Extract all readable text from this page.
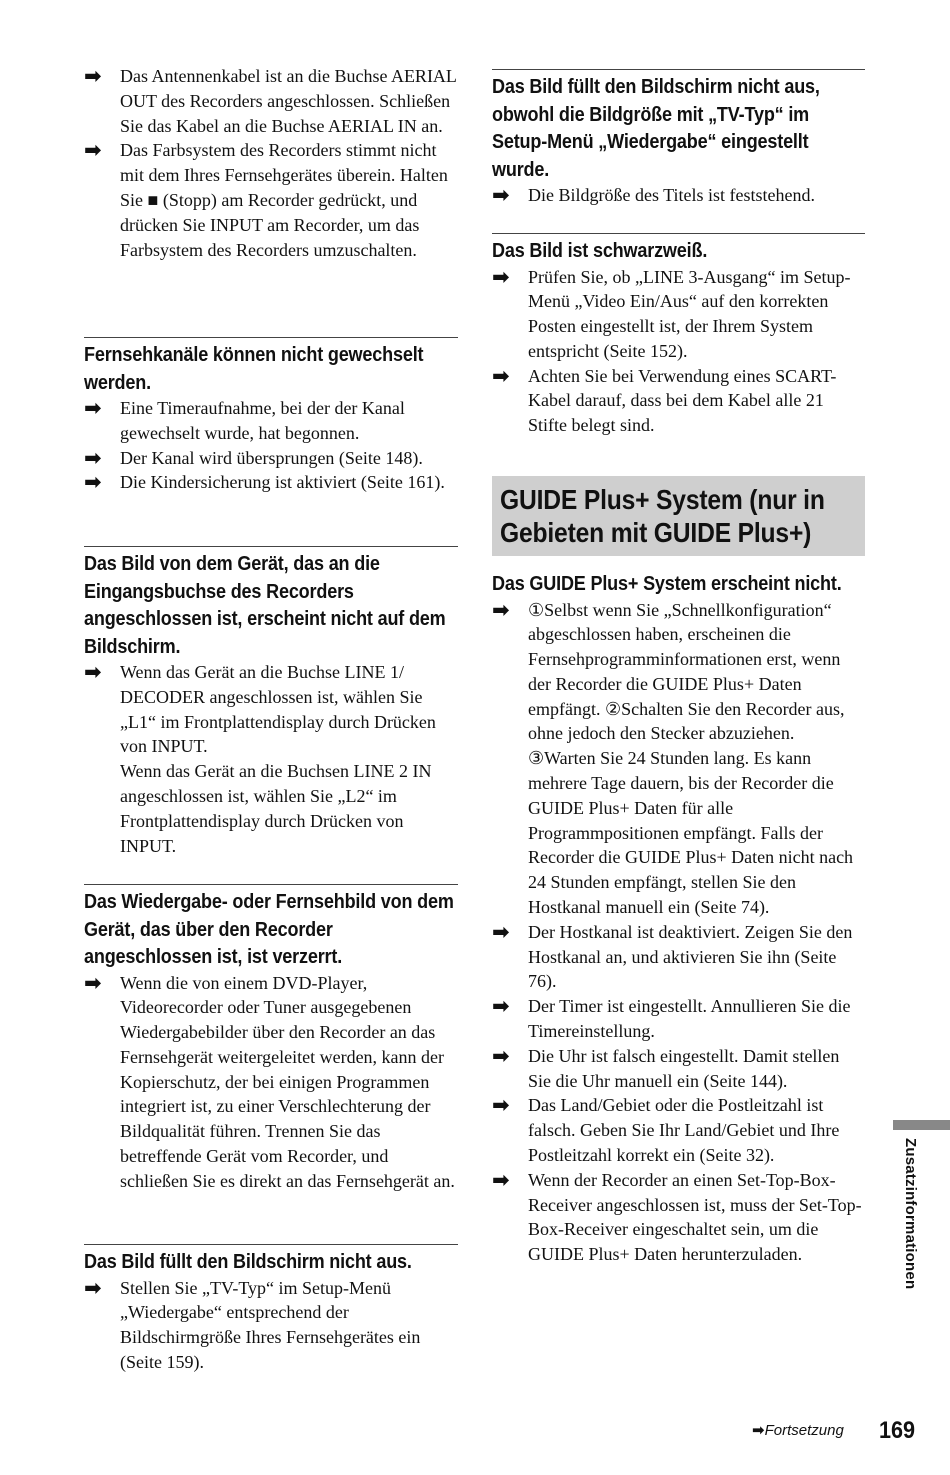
➡ Das Antennenkabel ist an die Buchse AERIAL OUT des Recorders angeschlossen. Schließen Sie das Kabel an die Buchse AERIAL IN an.
➡ Das Farbsystem des Recorders stimmt nicht mit dem Ihres Fernsehgerätes überein. Halten Sie ■ (Stopp) am Recorder gedrückt, und drücken Sie INPUT am Recorder, um das Farbsystem des Recorders umzuschalten.
Fernsehkanäle können nicht gewechselt werden.
➡ Eine Timeraufnahme, bei der der Kanal gewechselt wurde, hat begonnen.
➡ Der Kanal wird übersprungen (Seite 148).
➡ Die Kindersicherung ist aktiviert (Seite 161).
Das Bild von dem Gerät, das an die Eingangsbuchse des Recorders angeschlossen ist, erscheint nicht auf dem Bildschirm.
➡ Wenn das Gerät an die Buchse LINE 1/ DECODER angeschlossen ist, wählen Sie „L1“ im Frontplattendisplay durch Drücken von INPUT.
Wenn das Gerät an die Buchsen LINE 2 IN angeschlossen ist, wählen Sie „L2“ im Frontplattendisplay durch Drücken von INPUT.
Das Wiedergabe- oder Fernsehbild von dem Gerät, das über den Recorder angeschlossen ist, ist verzerrt.
➡ Wenn die von einem DVD-Player, Videorecorder oder Tuner ausgegebenen Wiedergabebilder über den Recorder an das Fernsehgerät weitergeleitet werden, kann der Kopierschutz, der bei einigen Programmen integriert ist, zu einer Verschlechterung der Bildqualität führen. Trennen Sie das betreffende Gerät vom Recorder, und schließen Sie es direkt an das Fernsehgerät an.
Das Bild füllt den Bildschirm nicht aus.
➡ Stellen Sie „TV-Typ“ im Setup-Menü „Wiedergabe“ entsprechend der Bildschirmgröße Ihres Fernsehgerätes ein (Seite 159).
Das Bild füllt den Bildschirm nicht aus, obwohl die Bildgröße mit „TV-Typ“ im Setup-Menü „Wiedergabe“ eingestellt wurde.
➡ Die Bildgröße des Titels ist feststehend.
Das Bild ist schwarzweiß.
➡ Prüfen Sie, ob „LINE 3-Ausgang“ im Setup-Menü „Video Ein/Aus“ auf den korrekten Posten eingestellt ist, der Ihrem System entspricht (Seite 152).
➡ Achten Sie bei Verwendung eines SCART-Kabel darauf, dass bei dem Kabel alle 21 Stifte belegt sind.
Das GUIDE Plus+ System erscheint nicht.
➡ ①Selbst wenn Sie „Schnellkonfiguration“ abgeschlossen haben, erscheinen die Fernsehprogramminformationen erst, wenn der Recorder die GUIDE Plus+ Daten empfängt. ②Schalten Sie den Recorder aus, ohne jedoch den Stecker abzuziehen. ③Warten Sie 24 Stunden lang. Es kann mehrere Tage dauern, bis der Recorder die GUIDE Plus+ Daten für alle Programmpositionen empfängt. Falls der Recorder die GUIDE Plus+ Daten nicht nach 24 Stunden empfängt, stellen Sie den Hostkanal manuell ein (Seite 74).
➡ Der Hostkanal ist deaktiviert. Zeigen Sie den Hostkanal an, und aktivieren Sie ihn (Seite 76).
➡ Der Timer ist eingestellt. Annullieren Sie die Timereinstellung.
➡ Die Uhr ist falsch eingestellt. Damit stellen Sie die Uhr manuell ein (Seite 144).
➡ Das Land/Gebiet oder die Postleitzahl ist falsch. Geben Sie Ihr Land/Gebiet und Ihre Postleitzahl korrekt ein (Seite 32).
➡ Wenn der Recorder an einen Set-Top-Box-Receiver angeschlossen ist, muss der Set-Top-Box-Receiver eingeschaltet sein, um die GUIDE Plus+ Daten herunterzuladen.
GUIDE Plus+ System (nur in Gebieten mit GUIDE Plus+)
Zusatzinformationen
➡Fortsetzung 169
